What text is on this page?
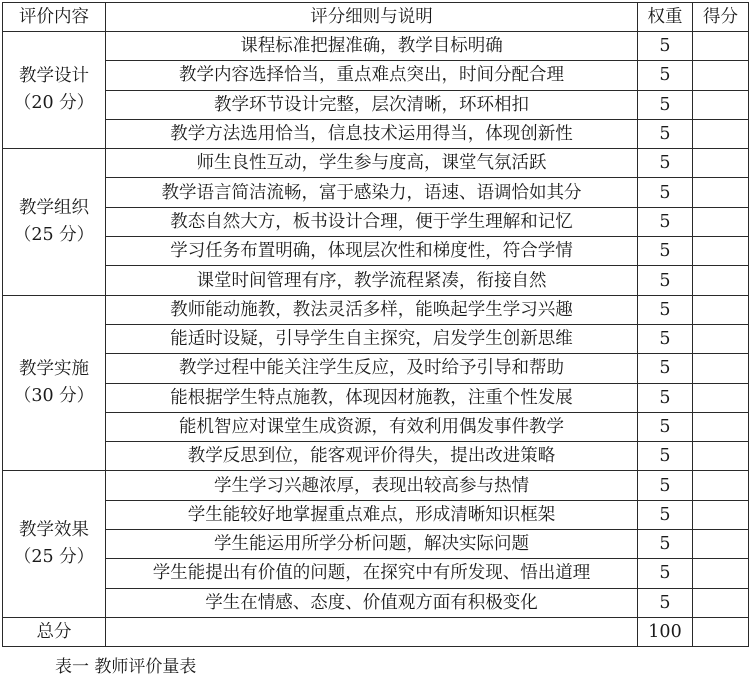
评价内容	评分细则与说明	权重	得分

教学设计
（20 分）	课程标准把握准确，教学目标明确	5	
	教学内容选择恰当，重点难点突出，时间分配合理	5	
	教学环节设计完整，层次清晰，环环相扣	5	
	教学方法选用恰当，信息技术运用得当，体现创新性	5	

教学组织
（25 分）	师生良性互动，学生参与度高，课堂气氛活跃	5	
	教学语言简洁流畅，富于感染力，语速、语调恰如其分	5	
	教态自然大方，板书设计合理，便于学生理解和记忆	5	
	学习任务布置明确，体现层次性和梯度性，符合学情	5	
	课堂时间管理有序，教学流程紧凑，衔接自然	5	

教学实施
（30 分）	教师能动施教，教法灵活多样，能唤起学生学习兴趣	5	
	能适时设疑，引导学生自主探究，启发学生创新思维	5	
	教学过程中能关注学生反应，及时给予引导和帮助	5	
	能根据学生特点施教，体现因材施教，注重个性发展	5	
	能机智应对课堂生成资源，有效利用偶发事件教学	5	
	教学反思到位，能客观评价得失，提出改进策略	5	

教学效果
（25 分）	学生学习兴趣浓厚，表现出较高参与热情	5	
	学生能较好地掌握重点难点，形成清晰知识框架	5	
	学生能运用所学分析问题，解决实际问题	5	
	学生能提出有价值的问题，在探究中有所发现、悟出道理	5	
	学生在情感、态度、价值观方面有积极变化	5	
总分		100	
表一 教师评价量表
